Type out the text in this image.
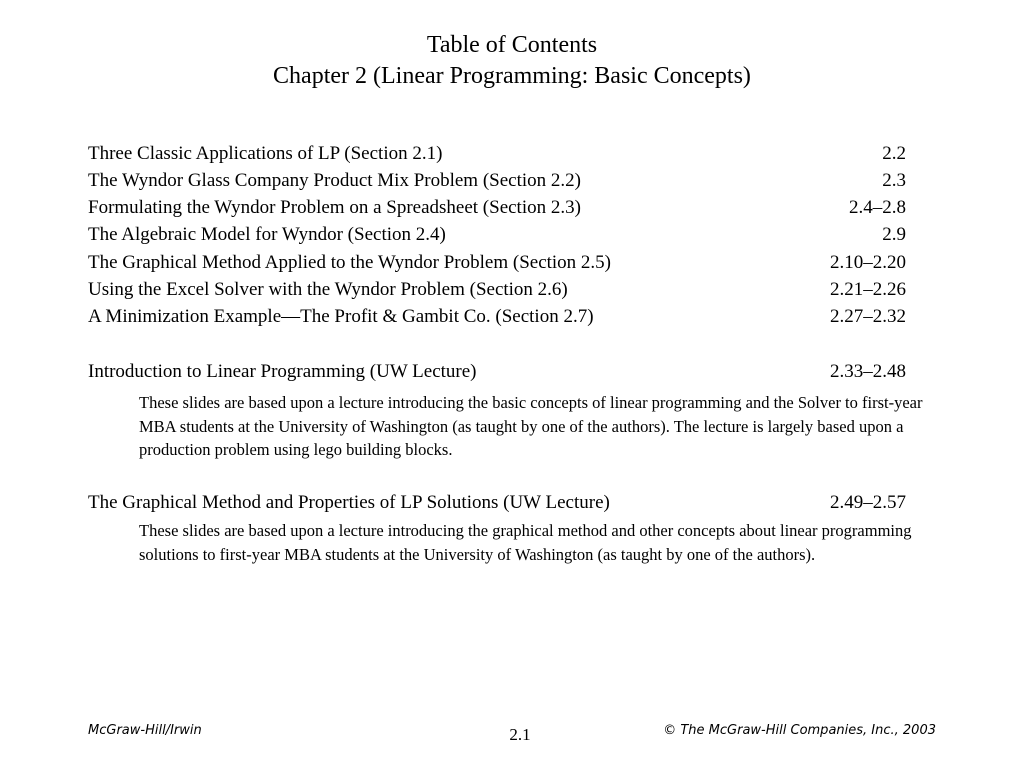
Table of Contents
Chapter 2 (Linear Programming: Basic Concepts)
Three Classic Applications of LP (Section 2.1)	2.2
The Wyndor Glass Company Product Mix Problem (Section 2.2)	2.3
Formulating the Wyndor Problem on a Spreadsheet (Section 2.3)	2.4–2.8
The Algebraic Model for Wyndor (Section 2.4)	2.9
The Graphical Method Applied to the Wyndor Problem (Section 2.5)	2.10–2.20
Using the Excel Solver with the Wyndor Problem (Section 2.6)	2.21–2.26
A Minimization Example—The Profit & Gambit Co. (Section 2.7)	2.27–2.32
Introduction to Linear Programming (UW Lecture)	2.33–2.48
The Graphical Method and Properties of LP Solutions (UW Lecture)	2.49–2.57
These slides are based upon a lecture introducing the basic concepts of linear programming and the Solver to first-year MBA students at the University of Washington (as taught by one of the authors). The lecture is largely based upon a production problem using lego building blocks.
These slides are based upon a lecture introducing the graphical method and other concepts about linear programming solutions to first-year MBA students at the University of Washington (as taught by one of the authors).
McGraw-Hill/Irwin	2.1	© The McGraw-Hill Companies, Inc., 2003
